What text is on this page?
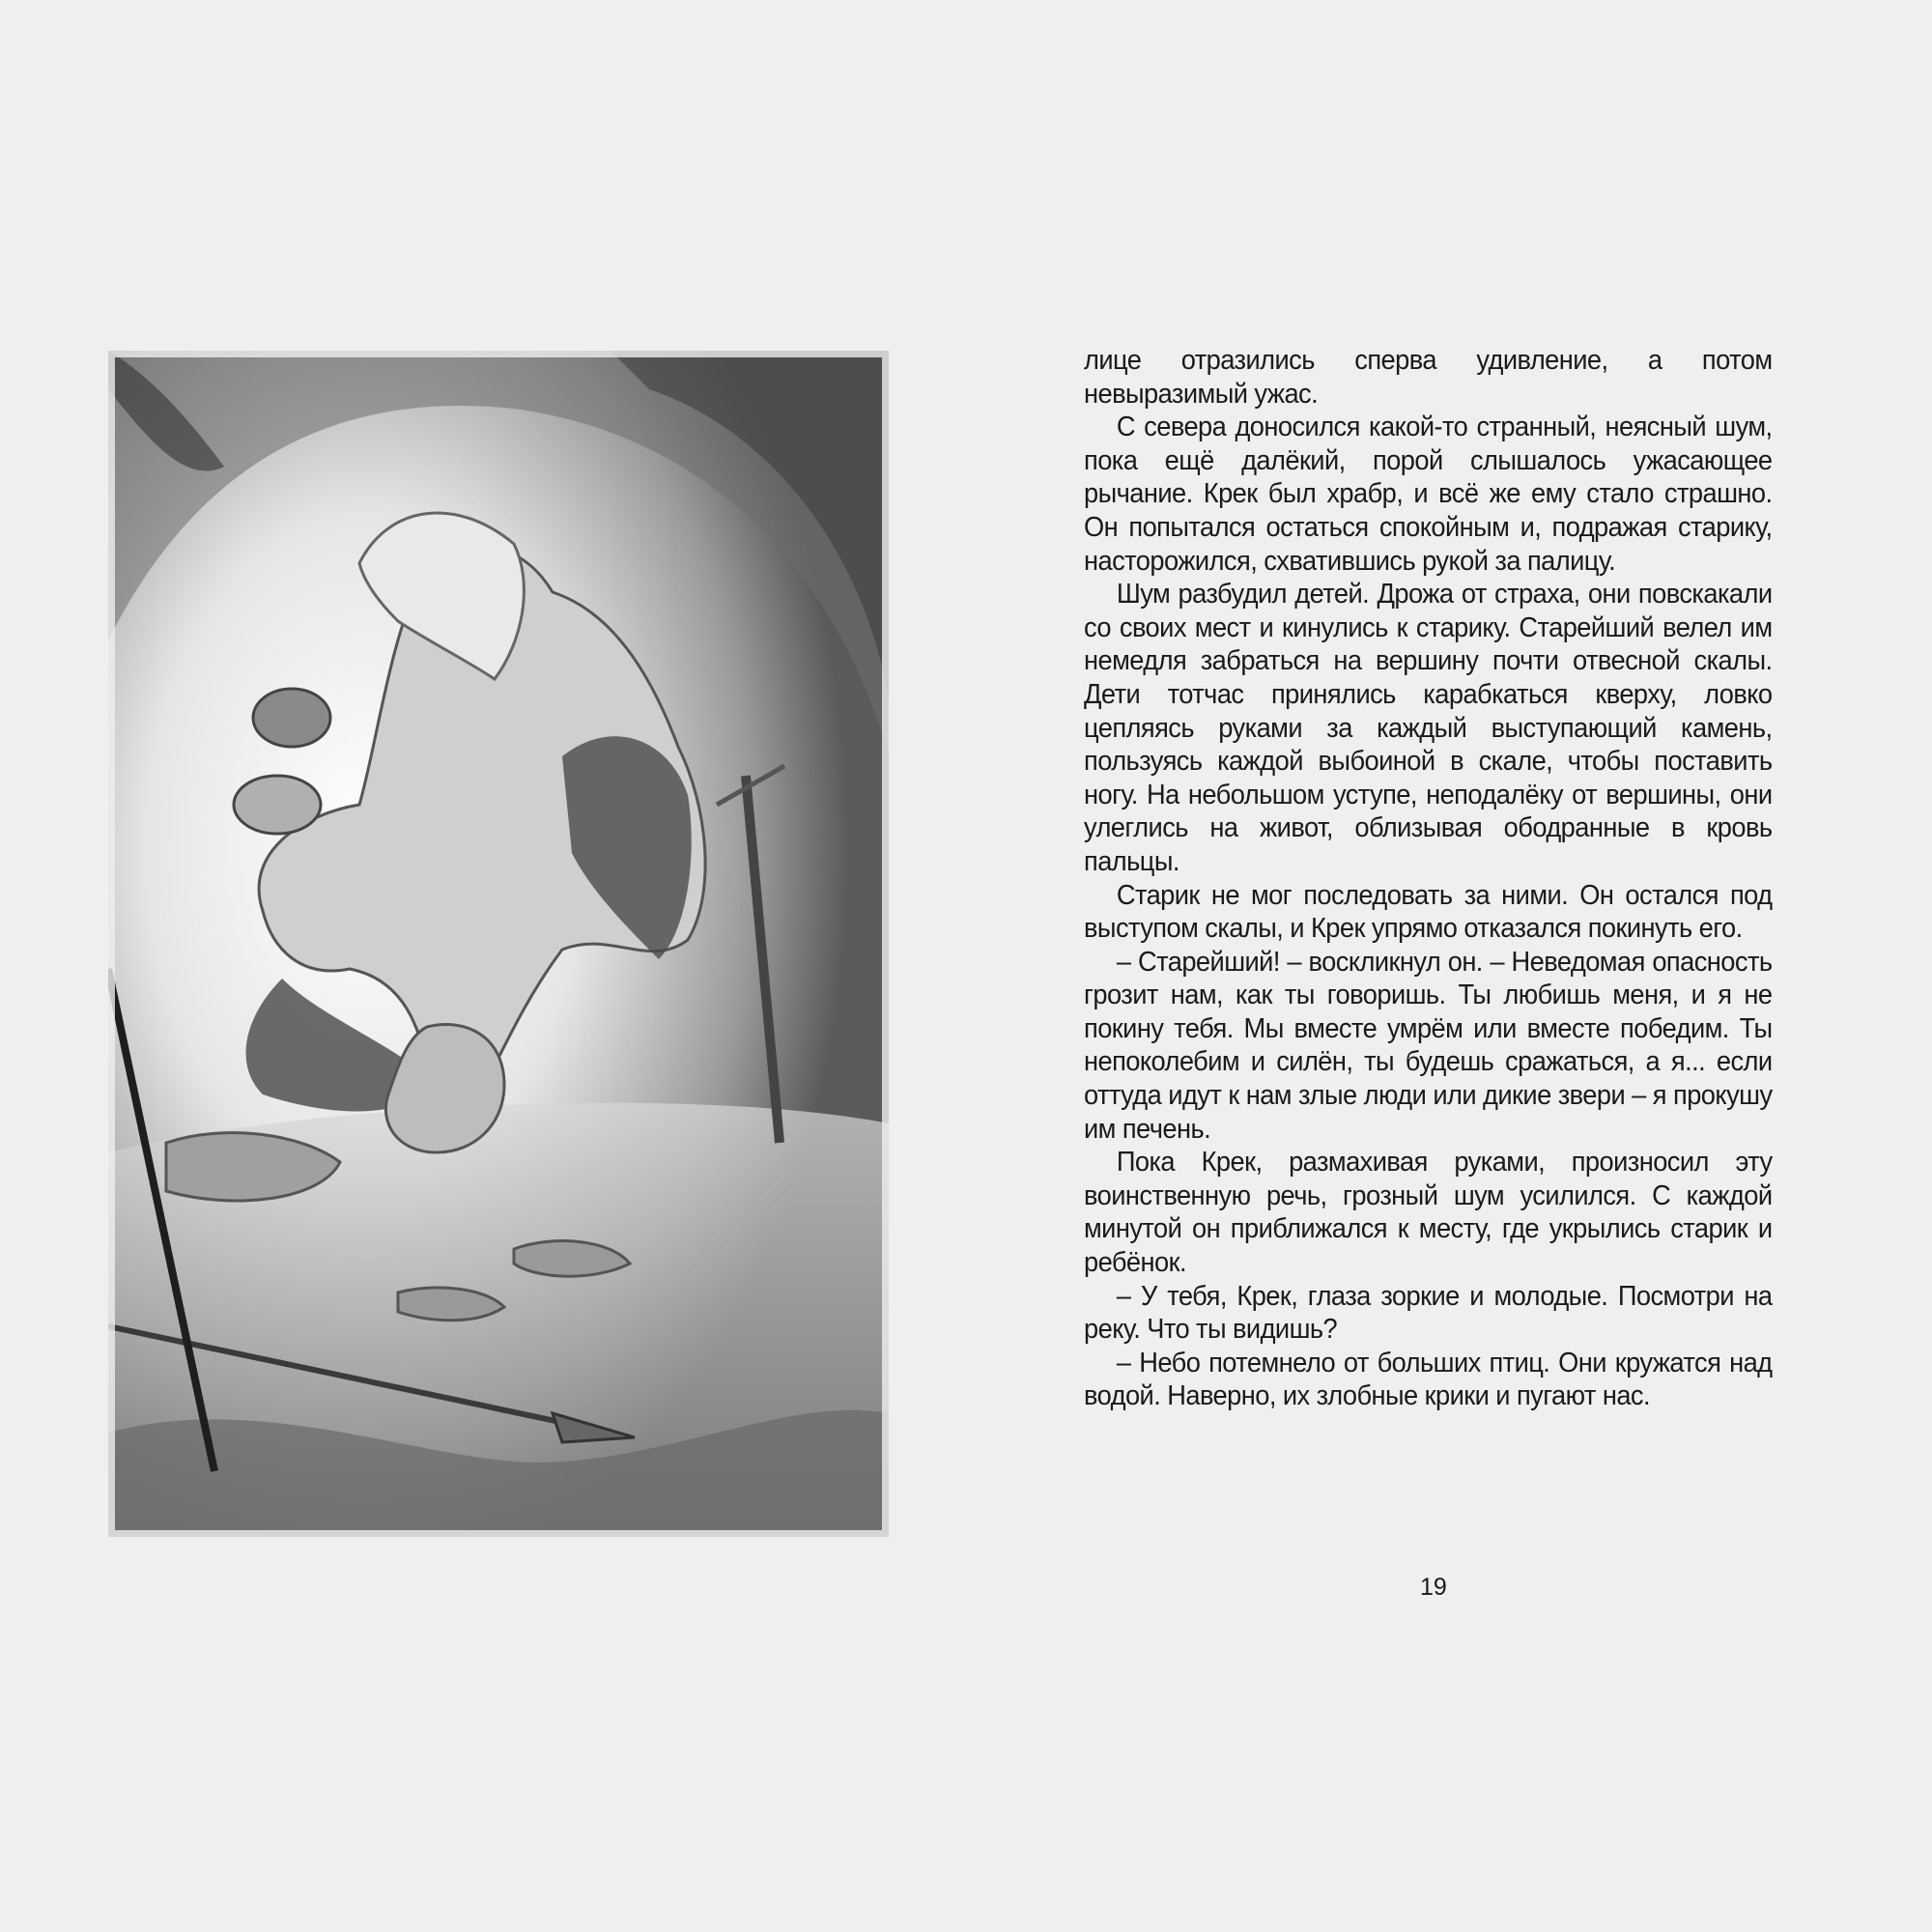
лице отразились сперва удивление, а потом невыразимый ужас.

С севера доносился какой-то странный, неясный шум, пока ещё далёкий, порой слышалось ужасающее рычание. Крек был храбр, и всё же ему стало страшно. Он попытался остаться спокойным и, подражая старику, насторожился, схватившись рукой за палицу.

Шум разбудил детей. Дрожа от страха, они повскакали со своих мест и кинулись к старику. Старейший велел им немедля забраться на вершину почти отвесной скалы. Дети тотчас принялись карабкаться кверху, ловко цепляясь руками за каждый выступающий камень, пользуясь каждой выбоиной в скале, чтобы поставить ногу. На небольшом уступе, неподалёку от вершины, они улеглись на живот, облизывая ободранные в кровь пальцы.

Старик не мог последовать за ними. Он остался под выступом скалы, и Крек упрямо отказался покинуть его.

– Старейший! – воскликнул он. – Неведомая опасность грозит нам, как ты говоришь. Ты любишь меня, и я не покину тебя. Мы вместе умрём или вместе победим. Ты непоколебим и силён, ты будешь сражаться, а я... если оттуда идут к нам злые люди или дикие звери – я прокушу им печень.

Пока Крек, размахивая руками, произносил эту воинственную речь, грозный шум усилился. С каждой минутой он приближался к месту, где укрылись старик и ребёнок.

– У тебя, Крек, глаза зоркие и молодые. Посмотри на реку. Что ты видишь?

– Небо потемнело от больших птиц. Они кружатся над водой. Наверно, их злобные крики и пугают нас.

19
